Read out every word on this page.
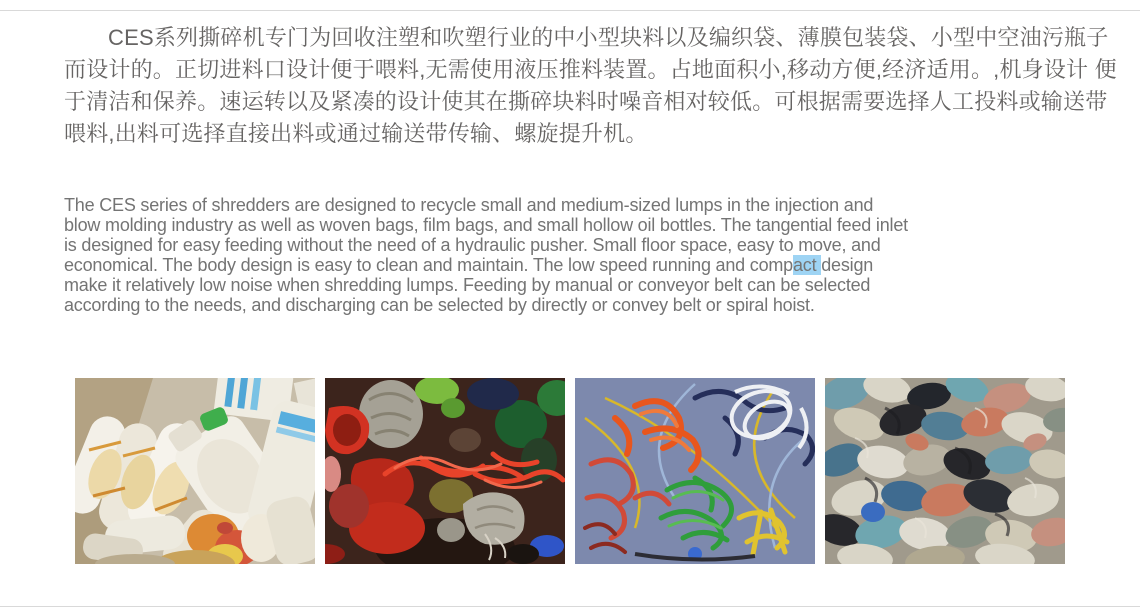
CES系列撕碎机专门为回收注塑和吹塑行业的中小型块料以及编织袋、薄膜包装袋、小型中空油污瓶子
而设计的。正切进料口设计便于喂料,无需使用液压推料装置。占地面积小,移动方便,经济适用。,机身设计 便
于清洁和保养。速运转以及紧凑的设计使其在撕碎块料时噪音相对较低。可根据需要选择人工投料或输送带
喂料,出料可选择直接出料或通过输送带传输、螺旋提升机。
The CES series of shredders are designed to recycle small and medium-sized lumps in the injection and
blow molding industry as well as woven bags, film bags, and small hollow oil bottles. The tangential feed inlet
is designed for easy feeding without the need of a hydraulic pusher. Small floor space, easy to move, and
economical. The body design is easy to clean and maintain. The low speed running and compact design
make it relatively low noise when shredding lumps. Feeding by manual or conveyor belt can be selected
according to the needs, and discharging can be selected by directly or convey belt or spiral hoist.
